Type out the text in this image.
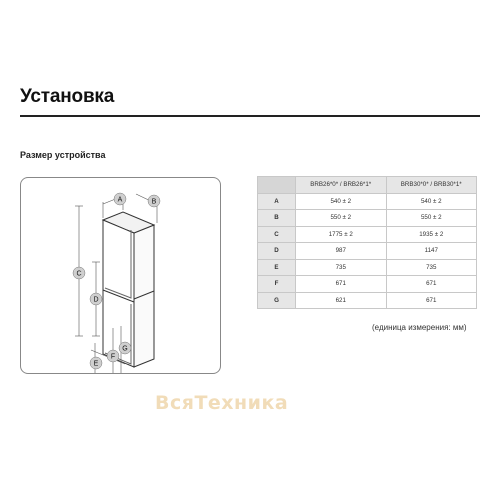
Установка
Размер устройства
A	B
C
D
E
F
G
	BRB26*0* / BRB26*1*	BRB30*0* / BRB30*1*
A	540 ± 2	540 ± 2
B	550 ± 2	550 ± 2
C	1775 ± 2	1935 ± 2
D	987	1147
E	735	735
F	671	671
G	621	671
(единица измерения: мм)
ВсяТехника
